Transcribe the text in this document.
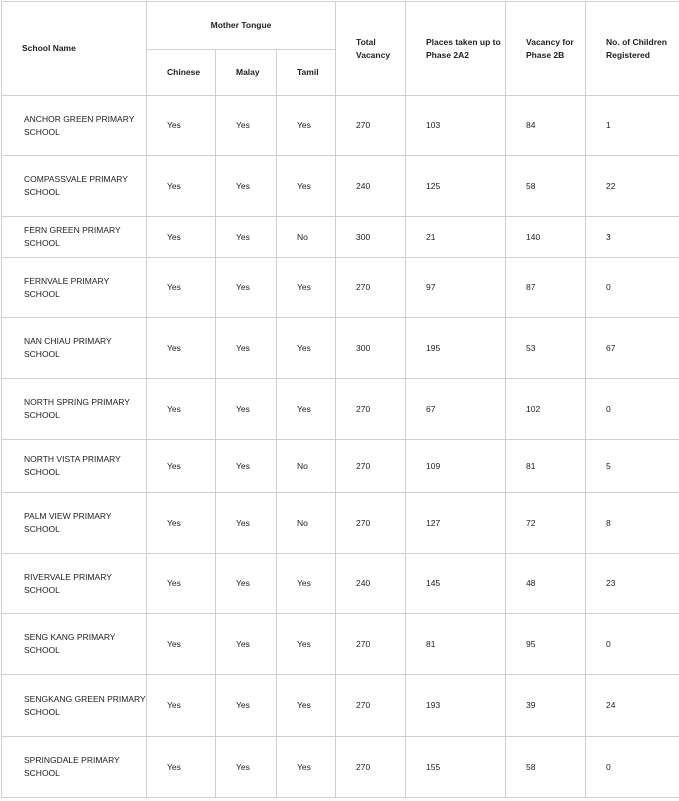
School Name	Mother Tongue			Total Vacancy	Places taken up to Phase 2A2	Vacancy for Phase 2B	No. of Children Registered
	Chinese	Malay	Tamil				
ANCHOR GREEN PRIMARY SCHOOL	Yes	Yes	Yes	270	103	84	1
COMPASSVALE PRIMARY SCHOOL	Yes	Yes	Yes	240	125	58	22
FERN GREEN PRIMARY SCHOOL	Yes	Yes	No	300	21	140	3
FERNVALE PRIMARY SCHOOL	Yes	Yes	Yes	270	97	87	0
NAN CHIAU PRIMARY SCHOOL	Yes	Yes	Yes	300	195	53	67
NORTH SPRING PRIMARY SCHOOL	Yes	Yes	Yes	270	67	102	0
NORTH VISTA PRIMARY SCHOOL	Yes	Yes	No	270	109	81	5
PALM VIEW PRIMARY SCHOOL	Yes	Yes	No	270	127	72	8
RIVERVALE PRIMARY SCHOOL	Yes	Yes	Yes	240	145	48	23
SENG KANG PRIMARY SCHOOL	Yes	Yes	Yes	270	81	95	0
SENGKANG GREEN PRIMARY SCHOOL	Yes	Yes	Yes	270	193	39	24
SPRINGDALE PRIMARY SCHOOL	Yes	Yes	Yes	270	155	58	0
